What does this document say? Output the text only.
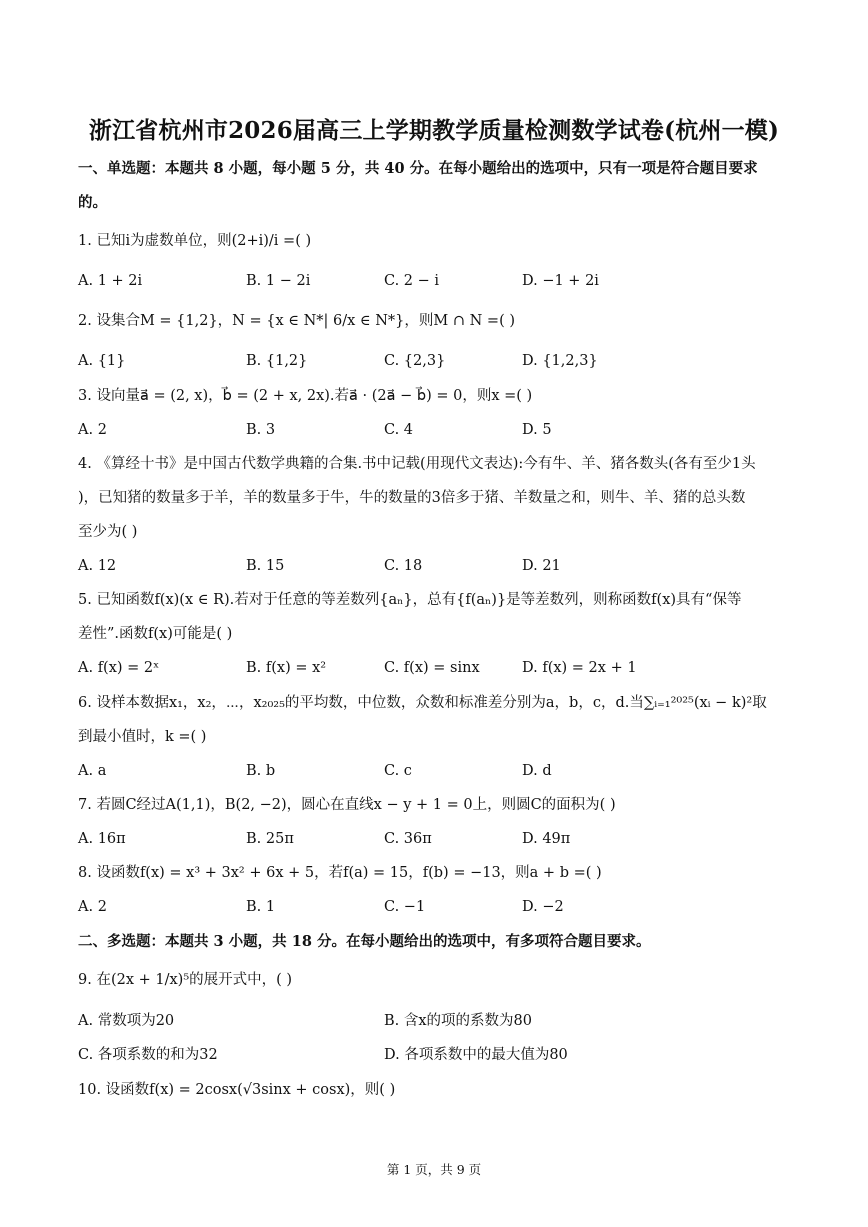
浙江省杭州市2026届高三上学期教学质量检测数学试卷(杭州一模)
一、单选题：本题共 8 小题，每小题 5 分，共 40 分。在每小题给出的选项中，只有一项是符合题目要求
的。
1. 已知i为虚数单位，则(2+i)/i =( )
A. 1 + 2i	B. 1 − 2i	C. 2 − i	D. −1 + 2i
2. 设集合M = {1,2}，N = {x ∈ N*| 6/x ∈ N*}，则M ∩ N =( )
A. {1}	B. {1,2}	C. {2,3}	D. {1,2,3}
3. 设向量a⃗ = (2, x)，b⃗ = (2 + x, 2x).若a⃗ · (2a⃗ − b⃗) = 0，则x =( )
A. 2	B. 3	C. 4	D. 5
4. 《算经十书》是中国古代数学典籍的合集.书中记载(用现代文表达):今有牛、羊、猪各数头(各有至少1头
)，已知猪的数量多于羊，羊的数量多于牛，牛的数量的3倍多于猪、羊数量之和，则牛、羊、猪的总头数
至少为( )
A. 12	B. 15	C. 18	D. 21
5. 已知函数f(x)(x ∈ R).若对于任意的等差数列{aₙ}，总有{f(aₙ)}是等差数列，则称函数f(x)具有“保等
差性”.函数f(x)可能是( )
A. f(x) = 2ˣ	B. f(x) = x²	C. f(x) = sinx	D. f(x) = 2x + 1
6. 设样本数据x₁，x₂，⋯，x₂₀₂₅的平均数，中位数，众数和标准差分别为a，b，c，d.当∑ᵢ₌₁²⁰²⁵(xᵢ − k)²取
到最小值时，k =( )
A. a	B. b	C. c	D. d
7. 若圆C经过A(1,1)，B(2, −2)，圆心在直线x − y + 1 = 0上，则圆C的面积为( )
A. 16π	B. 25π	C. 36π	D. 49π
8. 设函数f(x) = x³ + 3x² + 6x + 5，若f(a) = 15，f(b) = −13，则a + b =( )
A. 2	B. 1	C. −1	D. −2
二、多选题：本题共 3 小题，共 18 分。在每小题给出的选项中，有多项符合题目要求。
9. 在(2x + 1/x)⁵的展开式中，( )
A. 常数项为20	B. 含x的项的系数为80
C. 各项系数的和为32	D. 各项系数中的最大值为80
10. 设函数f(x) = 2cosx(√3sinx + cosx)，则( )
第 1 页，共 9 页
